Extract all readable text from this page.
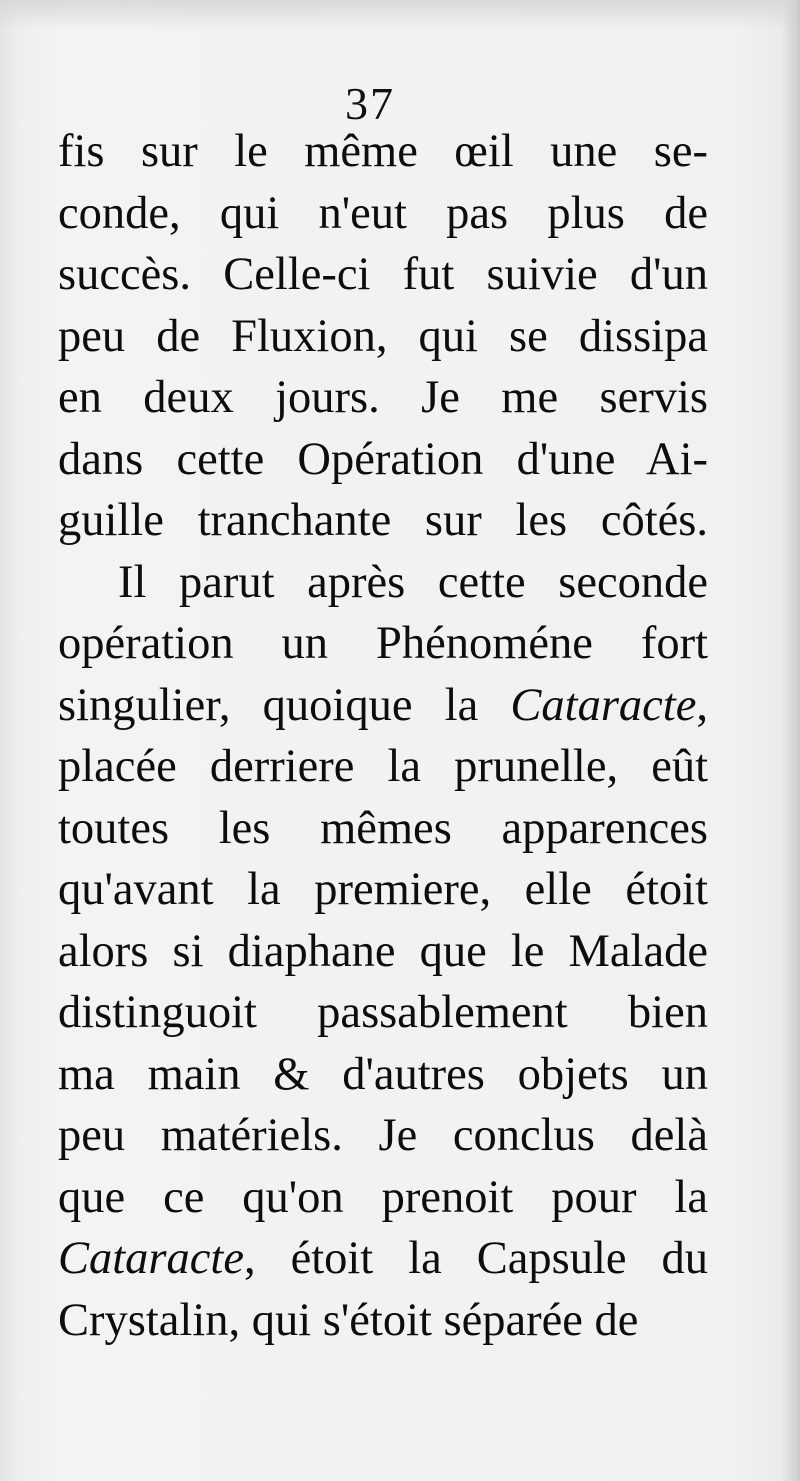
37
fis sur le même œil une se-
conde, qui n'eut pas plus de
succès. Celle-ci fut suivie d'un
peu de Fluxion, qui se dissipa
en deux jours. Je me servis
dans cette Opération d'une Ai-
guille tranchante sur les côtés.
Il parut après cette seconde
opération un Phénoméne fort
singulier, quoique la Cataracte,
placée derriere la prunelle, eût
toutes les mêmes apparences
qu'avant la premiere, elle étoit
alors si diaphane que le Malade
distinguoit passablement bien
ma main & d'autres objets un
peu matériels. Je conclus delà
que ce qu'on prenoit pour la
Cataracte, étoit la Capsule du
Crystalin, qui s'étoit séparée de
